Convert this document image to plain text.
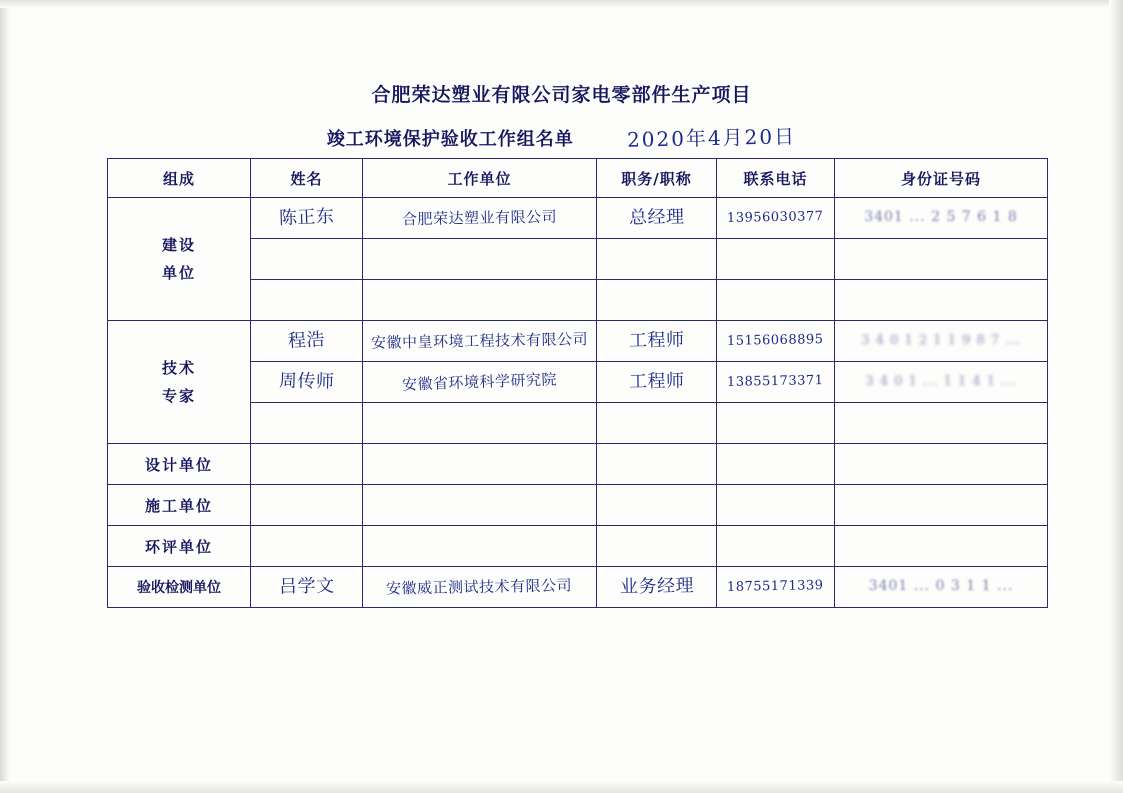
合肥荣达塑业有限公司家电零部件生产项目
竣工环境保护验收工作组名单	2020年4月20日
组成	姓名	工作单位	职务/职称	联系电话	身份证号码

建设
单位	陈正东	合肥荣达塑业有限公司	总经理	13956030377	3401 ... 2 5 7 6 1 8

技术
专家	程浩	安徽中皇环境工程技术有限公司	工程师	15156068895	3 4 0 1 2 1 1 9 8 7 ...

	周传师	安徽省环境科学研究院	工程师	13855173371	3 4 0 1 ... 1 1 4 1 ...

设计单位	

施工单位	

环评单位	

验收检测单位	吕学文	安徽威正测试技术有限公司	业务经理	18755171339	3401 ... 0 3 1 1 ...
